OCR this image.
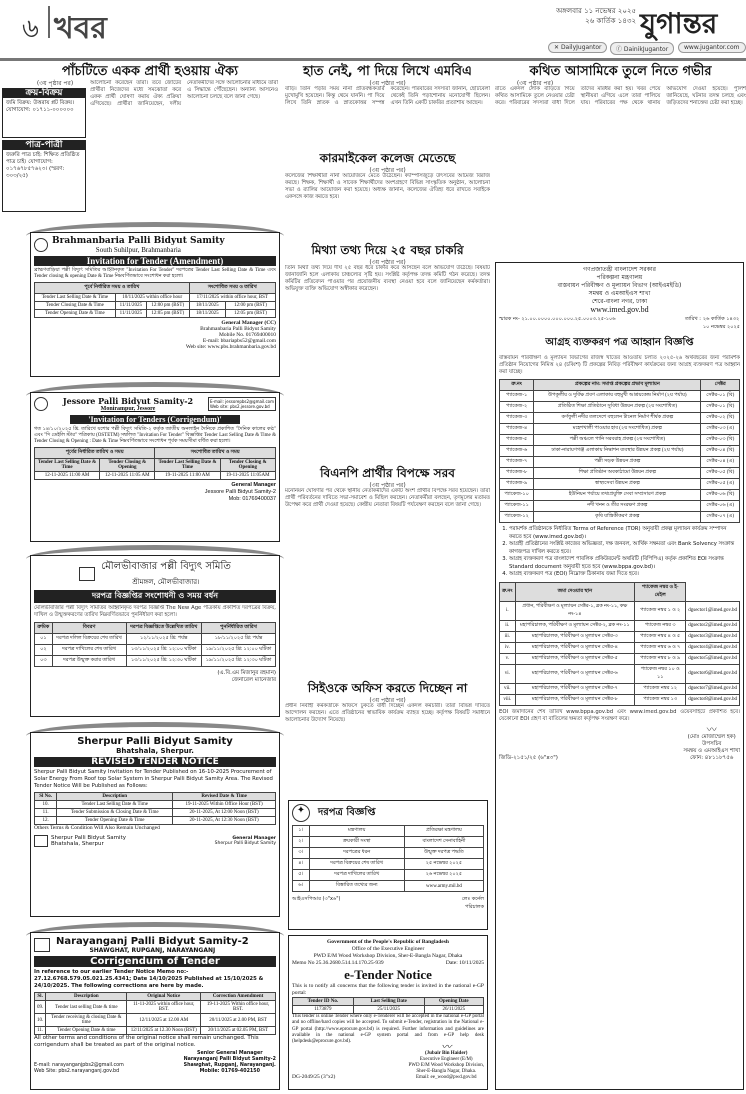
৬ খবর	অঙ্গলবার ১১ নভেম্বর ২০২৫
২৬ কার্তিক ১৪৩২ যুগান্তর
✕ DailyJugantor	ⓕ DainikJugantor	www.jugantor.com
পাঁচটিতে একক প্রার্থী হওয়ায় ঐক্য
(৩য় পৃষ্ঠার পর)
ক্রয়-বিক্রয়
জমি বিক্রয়: উত্তরায় প্লট বিক্রয়। যোগাযোগ: ০১৭১১-০০০০০০
পাত্র-পাত্রী
জরুরি পাত্র চাই: শিক্ষিত প্রতিষ্ঠিত পাত্র চাই। যোগাযোগ: ০১৭৬৭৮৫৭৬২৩। (স্মরণ: ৩০৩/২৫)
আলোচনা করেছেন তারা। তবে জোটের প্রার্থীরা নিজেদের মধ্যে সমঝোতা করে একক প্রার্থী ঘোষণা করায় ঐক্য প্রক্রিয়া এগিয়েছে। প্রার্থীরা জানিয়েছেন, দলীয় নেতাকর্মীদের সঙ্গে আলোচনার মাধ্যমে তারা এ সিদ্ধান্তে পৌঁছেছেন। অন্যান্য আসনেও আলোচনা চলছে বলে জানা গেছে।
হাত নেই, পা দিয়ে লিখে এমবিএ
(৩য় পৃষ্ঠার পর)
বাড়ি। তিনি পড়ার সময় নানা প্রতিবন্ধকতার মুখোমুখি হয়েছেন। কিন্তু থেমে যাননি। পা দিয়ে লিখে তিনি স্নাতক ও স্নাতকোত্তর সম্পন্ন করেছেন। পরিবারের সদস্যরা জানান, ছোটবেলা থেকেই তিনি পড়াশোনায় মনোযোগী ছিলেন। এখন তিনি একটি চাকরির প্রত্যাশায় আছেন।
কারমাইকেল কলেজ মেতেছে
(৩য় পৃষ্ঠার পর)
কলেজের শিক্ষার্থীরা নানা আয়োজনে মেতে উঠেছেন। ক্যাম্পাসজুড়ে উৎসবের আমেজ বিরাজ করছে। শিক্ষক, শিক্ষার্থী ও সাবেক শিক্ষার্থীদের অংশগ্রহণে বিভিন্ন সাংস্কৃতিক অনুষ্ঠান, আলোচনা সভা ও র‍্যালির আয়োজন করা হয়েছে। অধ্যক্ষ জানান, কলেজের ঐতিহ্য ধরে রাখতে সবাইকে একসঙ্গে কাজ করতে হবে।
মিথ্যা তথ্য দিয়ে ২৫ বছর চাকরি
(৩য় পৃষ্ঠার পর)
তিনি মিথ্যা তথ্য দিয়ে দীর্ঘ ২৫ বছর ধরে চাকরি করে আসছেন বলে অভিযোগ উঠেছে। বিষয়টি জানাজানি হলে এলাকায় চাঞ্চল্যের সৃষ্টি হয়। সংশ্লিষ্ট কর্তৃপক্ষ তদন্ত কমিটি গঠন করেছে। তদন্ত কমিটির প্রতিবেদন পাওয়ার পর প্রয়োজনীয় ব্যবস্থা নেওয়া হবে বলে জানিয়েছেন কর্মকর্তারা। অভিযুক্ত ব্যক্তি অভিযোগ অস্বীকার করেছেন।
বিএনপি প্রার্থীর বিপক্ষে সরব
(৩য় পৃষ্ঠার পর)
মনোনয়ন ঘোষণার পর থেকে স্থানীয় নেতাকর্মীদের একটি অংশ প্রার্থীর বিপক্ষে সরব হয়েছেন। তারা প্রার্থী পরিবর্তনের দাবিতে সভা-সমাবেশ ও মিছিল করছেন। নেতাকর্মীরা বলছেন, তৃণমূলের মতামত উপেক্ষা করে প্রার্থী দেওয়া হয়েছে। কেন্দ্রীয় নেতারা বিষয়টি পর্যবেক্ষণ করছেন বলে জানা গেছে।
সিইওকে অফিস করতে দিচ্ছেন না
(৩য় পৃষ্ঠার পর)
প্রধান নির্বাহী কর্মকর্তাকে অফিসে ঢুকতে বাধা দিচ্ছেন একদল কর্মচারী। তারা বিভিন্ন দাবিতে আন্দোলন করছেন। এতে প্রতিষ্ঠানের স্বাভাবিক কার্যক্রম ব্যাহত হচ্ছে। কর্তৃপক্ষ বিষয়টি সমাধানে আলোচনার উদ্যোগ নিয়েছে।
✦	দরপত্র বিজ্ঞপ্তি
১।	মন্ত্রণালয়	প্রতিরক্ষা মন্ত্রণালয়
২।	ক্রয়কারী সংস্থা	বাংলাদেশ সেনাবাহিনী
৩।	দরপত্রের ধরন	উন্মুক্ত দরপত্র পদ্ধতি
৪।	দরপত্র বিক্রয়ের শেষ তারিখ	২৫ নভেম্বর ২০২৫
৫।	দরপত্র দাখিলের তারিখ	২৬ নভেম্বর ২০২৫
৬।	বিস্তারিত তথ্যের জন্য	www.army.mil.bd
আইএসপিআর (৩"x৬")	লেঃ কর্নেল
পরিচালক
Government of the People's Republic of Bangladesh
Office of the Executive Engineer
PWD E/M Wood Workshop Division, Sher-E-Bangla Nagar, Dhaka
Memo No 25.36.2680.514.14.170.25-939	Date: 10/11/2025
e-Tender Notice
This is to notify all concerns that the following tender is invited in the national e-GP portal:
Tender ID No.	Last Selling Date	Opening Date
1173879	25/11/2025	26/11/2025
This tender is online Tender where only e-Tenderer will be accepted in the national e-GP portal and no offline/hard copies will be accepted. To submit e-Tender, registration in the National e-GP portal (http://www.eprocure.gov.bd) is required. Further information and guidelines are available in the national e-GP system portal and from e-GP help desk (helpdesk@eprocure.gov.bd).
DG-2049/25 (3"x2)
〰
(Jubair Bin Haider)
Executive Engineer (E/M)
PWD E/M Wood Workshop Division,
Sher-E-Bangla Nagar, Dhaka.
Email: ee_wood@pwd.gov.bd
কথিত আসামিকে তুলে নিতে গভীর
(৩য় পৃষ্ঠার পর)
রাতে একদল লোক বাড়িতে গিয়ে কথিত আসামিকে তুলে নেওয়ার চেষ্টা করে। পরিবারের সদস্যরা বাধা দিলে তাদের মারধর করা হয়। খবর পেয়ে স্থানীয়রা এগিয়ে এলে তারা পালিয়ে যায়। পরিবারের পক্ষ থেকে থানায় অভিযোগ দেওয়া হয়েছে। পুলিশ জানিয়েছে, ঘটনার তদন্ত চলছে এবং জড়িতদের শনাক্তের চেষ্টা করা হচ্ছে।
গণপ্রজাতন্ত্রী বাংলাদেশ সরকার
পরিকল্পনা মন্ত্রণালয়
বাস্তবায়ন পরিবীক্ষণ ও মূল্যায়ন বিভাগ (আইএমইডি)
সমন্বয় ও এমআইএস শাখা
শেরে-বাংলা নগর, ঢাকা
www.imed.gov.bd
স্মারক নং- ২১.০০.০০০০.০০০.০০০.২৫.০০০৩.২৫-১০৬	তারিখ : ২৬ কার্তিক ১৪৩২
১০ নভেম্বর ২০২৫
আগ্রহ ব্যক্তকরণ পত্র আহ্বান বিজ্ঞপ্তি
বাস্তবায়ন পরিবীক্ষণ ও মূল্যায়ন বিভাগের রাজস্ব খাতের আওতায় চলতি ২০২৫-২৬ অর্থবছরের জন্য পরামর্শক প্রতিষ্ঠান নিয়োগের নিমিত্ত ২৪ (চব্বিশ) টি প্রকল্পের নিবিড় পরিবীক্ষণ কার্যক্রমের জন্য আগ্রহ ব্যক্তকরণ পত্র আহ্বান করা যাচ্ছে।
ক্র.নং	প্রকল্পের নাম: সমাপ্ত প্রকল্পের প্রভাব মূল্যায়ন	সেক্টর
প্যাকেজ-১	উপকূলীয় ও দুর্বিক্ষ প্রবণ এলাকায় বহুমুখী আশ্রয়কেন্দ্র নির্মাণ (২য় পর্যায়)	সেক্টর-০১ (বি)
প্যাকেজ-২	প্রতিষ্ঠিত শিক্ষা প্রতিষ্ঠানে সুবিধা উন্নয়ন প্রকল্প (২য় সংশোধিত)	সেক্টর-০১ (বি)
প্যাকেজ-৩	কর্ণফুলী নদীর তলদেশে বহুলেন টানেল নির্মাণ শীর্ষক প্রকল্প	সেক্টর-০২ (বি)
প্যাকেজ-৪	মহেশখালী পাওয়ার হাব (২য় সংশোধিত) প্রকল্প	সেক্টর-০৩ (এ)
প্যাকেজ-৫	পল্লী অঞ্চলে পানি সরবরাহ প্রকল্প (২য় সংশোধিত)	সেক্টর-০৩ (বি)
প্যাকেজ-৬	ঢাকা-নারায়ণগঞ্জ এলাকায় নিষ্কাশন ব্যবস্থার উন্নয়ন প্রকল্প (২য় পর্যায়)	সেক্টর-০৪ (বি)
প্যাকেজ-৭	পল্লী সড়ক উন্নয়ন প্রকল্প	সেক্টর-০৪ (এ)
প্যাকেজ-৮	শিক্ষা প্রতিষ্ঠান অবকাঠামো উন্নয়ন প্রকল্প	সেক্টর-০৫ (বি)
প্যাকেজ-৯	স্বাস্থ্যসেবা উন্নয়ন প্রকল্প	সেক্টর-০৫ (এ)
প্যাকেজ-১০	ইউনিয়ন পর্যায়ে তথ্যপ্রযুক্তি সেবা সম্প্রসারণ প্রকল্প	সেক্টর-০৬ (বি)
প্যাকেজ-১১	নদী খনন ও তীর সংরক্ষণ প্রকল্প	সেক্টর-০৬ (এ)
প্যাকেজ-১২	কৃষি যান্ত্রিকীকরণ প্রকল্প	সেক্টর-০৭ (এ)
1. পরামর্শক প্রতিষ্ঠানকে নির্ধারিত Terms of Reference (TOR) অনুযায়ী প্রকল্প মূল্যায়ন কার্যক্রম সম্পাদন করতে হবে (www.imed.gov.bd)।
2. আগ্রহী প্রতিষ্ঠানের সংশ্লিষ্ট কাজের অভিজ্ঞতা, দক্ষ জনবল, আর্থিক সক্ষমতা এবং Bank Solvency সংক্রান্ত কাগজপত্র দাখিল করতে হবে।
3. আগ্রহ ব্যক্তকরণ পত্র বাংলাদেশ পাবলিক প্রকিউরমেন্ট অথরিটি (বিপিপিএ) কর্তৃক প্রকাশিত EOI সংক্রান্ত Standard document অনুযায়ী হতে হবে (www.bppa.gov.bd)।
4. আগ্রহ ব্যক্তকরণ পত্র (EOI) নিম্নোক্ত ঠিকানায় জমা দিতে হবে।
ক্র.নং	জমা দেওয়ার স্থান	প্যাকেজ নম্বর ও ই-মেইল	
i.	প্রধান, পরিবীক্ষণ ও মূল্যায়ন সেক্টর-১, ব্লক নং-১১, কক্ষ নং-১৪	প্যাকেজ নম্বর ১ ও ২	dgsector1@imed.gov.bd
ii.	মহাপরিচালক, পরিবীক্ষণ ও মূল্যায়ন সেক্টর-২, ব্লক নং-১১	প্যাকেজ নম্বর ৩	dgsector2@imed.gov.bd
iii.	মহাপরিচালক, পরিবীক্ষণ ও মূল্যায়ন সেক্টর-৩	প্যাকেজ নম্বর ৪ ও ৫	dgsector3@imed.gov.bd
iv.	মহাপরিচালক, পরিবীক্ষণ ও মূল্যায়ন সেক্টর-৪	প্যাকেজ নম্বর ৬ ও ৭	dgsector4@imed.gov.bd
v.	মহাপরিচালক, পরিবীক্ষণ ও মূল্যায়ন সেক্টর-৫	প্যাকেজ নম্বর ৮ ও ৯	dgsector5@imed.gov.bd
vi.	মহাপরিচালক, পরিবীক্ষণ ও মূল্যায়ন সেক্টর-৬	প্যাকেজ নম্বর ১০ ও ১১	dgsector6@imed.gov.bd
vii.	মহাপরিচালক, পরিবীক্ষণ ও মূল্যায়ন সেক্টর-৭	প্যাকেজ নম্বর ১২	dgsector7@imed.gov.bd
viii.	মহাপরিচালক, পরিবীক্ষণ ও মূল্যায়ন সেক্টর-৮	প্যাকেজ নম্বর ১৩	dgsector8@imed.gov.bd
EOI জমাদানের শেষ তারিখ www.bppa.gov.bd এবং www.imed.gov.bd ওয়েবসাইটে প্রকাশিত হবে। যেকোনো EOI গ্রহণ বা বাতিলের ক্ষমতা কর্তৃপক্ষ সংরক্ষণ করে।
জিডি-২১৫১/২৫ (৬"x৩")
〰
(মোঃ মোজাম্মেল হক)
উপসচিব
সমন্বয় ও এমআইএস শাখা
ফোন: ৪৮১১৮৭৫৬
Brahmanbaria Palli Bidyut Samity
South Suhilpur, Brahmanbaria
Invitation for Tender (Amendment)
ব্রাহ্মণবাড়িয়া পল্লী বিদ্যুৎ সমিতির আহ্বানকৃত "Invitation For Tender" দরপত্রের Tender Last Selling Date & Time এবং Tender closing & opening Date & Time নিম্নবর্ণিতভাবে সংশোধন করা হলো।
পূর্বে নির্ধারিত সময় ও তারিখ			সংশোধিত সময় ও তারিখ	
Tender Last Selling Date & Time	10/11/2025 within office hour		17/11/2025 within office hour, BST	
Tender Closing Date & Time	11/11/2025	12:00 pm (BST)	18/11/2025	12:00 pm (BST)
Tender Opening Date & Time	11/11/2025	12:05 pm (BST)	18/11/2025	12:05 pm (BST)
General Manager (CC)
Brahmanbaria Palli Bidyut Samity
Mobile No. 01769400010
E-mail: bbariapbs52@gmail.com
Web site: www.pbs.brahmanbaria.gov.bd
Jessore Palli Bidyut Samity-2
Monirampur, Jessore
E-mail: jessorepbs2@gmail.com
Web site: pbs2.jessore.gov.bd
'Invitation for Tenders (Corrigendum)'
গত ১৪/১০/২০২৫ খ্রি. তারিখে যশোর পল্লী বিদ্যুৎ সমিতি-২ কর্তৃক জাতীয় অনলাইন দৈনিকে প্রকাশিত "দৈনিক কালের কণ্ঠ" এবং "দি ডেইলি স্টার" পত্রিকায় (OSTETM) সম্বলিত "Invitation For Tender" বিজ্ঞপ্তির Tender Last Selling Date & Time & Tender Closing & Opening : Date & Time নিম্নবর্ণিতভাবে সংশোধন পূর্বক সময়সীমা বর্ধিত করা হলো।
পূর্বের নির্ধারিত তারিখ ও সময়		সংশোধিত তারিখ ও সময়	
Tender Last Selling Date & Time	Tender Closing & Opening	Tender Last Selling Date & Time	Tender Closing & Opening
12-11-2025 11:00 AM	12-11-2025 11:05 AM	19-11-2025 11:00 AM	19-11-2025 11:05AM
General Manager
Jessore Palli Bidyut Samity-2
Mob: 01769400037
মৌলভীবাজার পল্লী বিদ্যুৎ সমিতি
শ্রীমঙ্গল, মৌলভীবাজার।
দরপত্র বিজ্ঞপ্তির সংশোধনী ও সময় বর্ধন
মৌলভীবাজার পল্লী বিদ্যুৎ সমিতির আহ্বানকৃত দরপত্র বিজ্ঞপ্তি The New Age পত্রিকায় প্রকাশিত দরপত্রের বিক্রয়, দাখিল ও উন্মুক্তকরণের তারিখ নিম্নবর্ণিতভাবে পুনর্নির্ধারণ করা হলো।
ক্রমিক	বিবরণ	দরপত্র বিজ্ঞপ্তিতে উল্লেখিত তারিখ	পুনর্নির্ধারিত তারিখ
০১	দরপত্র দলিল বিক্রয়ের শেষ তারিখ	১২/১১/২০২৫ খ্রি: পর্যন্ত	১৮/১১/২০২৫ খ্রি: পর্যন্ত
০২	দরপত্র দাখিলের শেষ তারিখ	১৩/১১/২০২৫ খ্রি: ১২:০০ ঘটিকা	১৯/১১/২০২৫ খ্রি: ১২:০০ ঘটিকা
০৩	দরপত্র উন্মুক্ত করার তারিখ	১৩/১১/২০২৫ খ্রি: ১২:৩০ ঘটিকা	১৯/১১/২০২৫ খ্রি: ১২:৩০ ঘটিকা
(এ.বি.এম মিজানুর রহমান)
জেনারেল ম্যানেজার
Sherpur Palli Bidyut Samity
Bhatshala, Sherpur.
REVISED TENDER NOTICE
Sherpur Palli Bidyut Samity Invitation for Tender Published on 16-10-2025 Procurement of Solar Energy From Roof top Solar System in Sherpur Palli Bidyut Samity Area. The Revised Tender Notice Will be Published as Follows:
Sl No.	Description	Revised Date & Time
10.	Tender Last Selling Date & Time	19-11-2025 Within Office Hour (BST)
11.	Tender Submission & Closing Date & Time	20-11-2025, At 12:00 Noon (BST)
12.	Tender Opening Date & Time	20-11-2025, At 12:30 Noon (BST)
Others Terms & Condition Will Also Remain Unchanged
Sherpur Palli Bidyut Samity
Bhatshala, Sherpur
General Manager
Sherpur Palli Bidyut Samity
Narayanganj Palli Bidyut Samity-2
SHAWGHAT, RUPGANJ, NARAYANGANJ
Corrigendum of Tender
In reference to our earlier Tender Notice Memo no:- 27.12.6768.579.05.021.25.4341; Date 14/10/2025 Published at 15/10/2025 & 24/10/2025. The following corrections are here by made.
Sl.	Description	Original Notice	Correction Amendment
09.	Tender last selling Date & time	11-11-2025 within office hour, BST.	19-11-2025 Within office hour, BST.
10.	Tender receiving & closing Date & time	12/11/2025 at 12.00 AM	20/11/2025 at 2.00 PM, BST
11.	Tender Opening Date & time	12/11/2025 at 12.30 Noon (BST)	20/11/2025 at 02.05 PM, BST
All other terms and conditions of the original notice shall remain unchanged. This corrigendum shall be treated as part of the original notice.
E-mail: narayanganjpbs2@gmail.com
Web Site: pbs2.narayanganj.gov.bd
Senior General Manager
Narayanganj Palli Bidyut Samity-2
Shawghat, Rupganj, Narayanganj.
Mobile: 01769-402150
